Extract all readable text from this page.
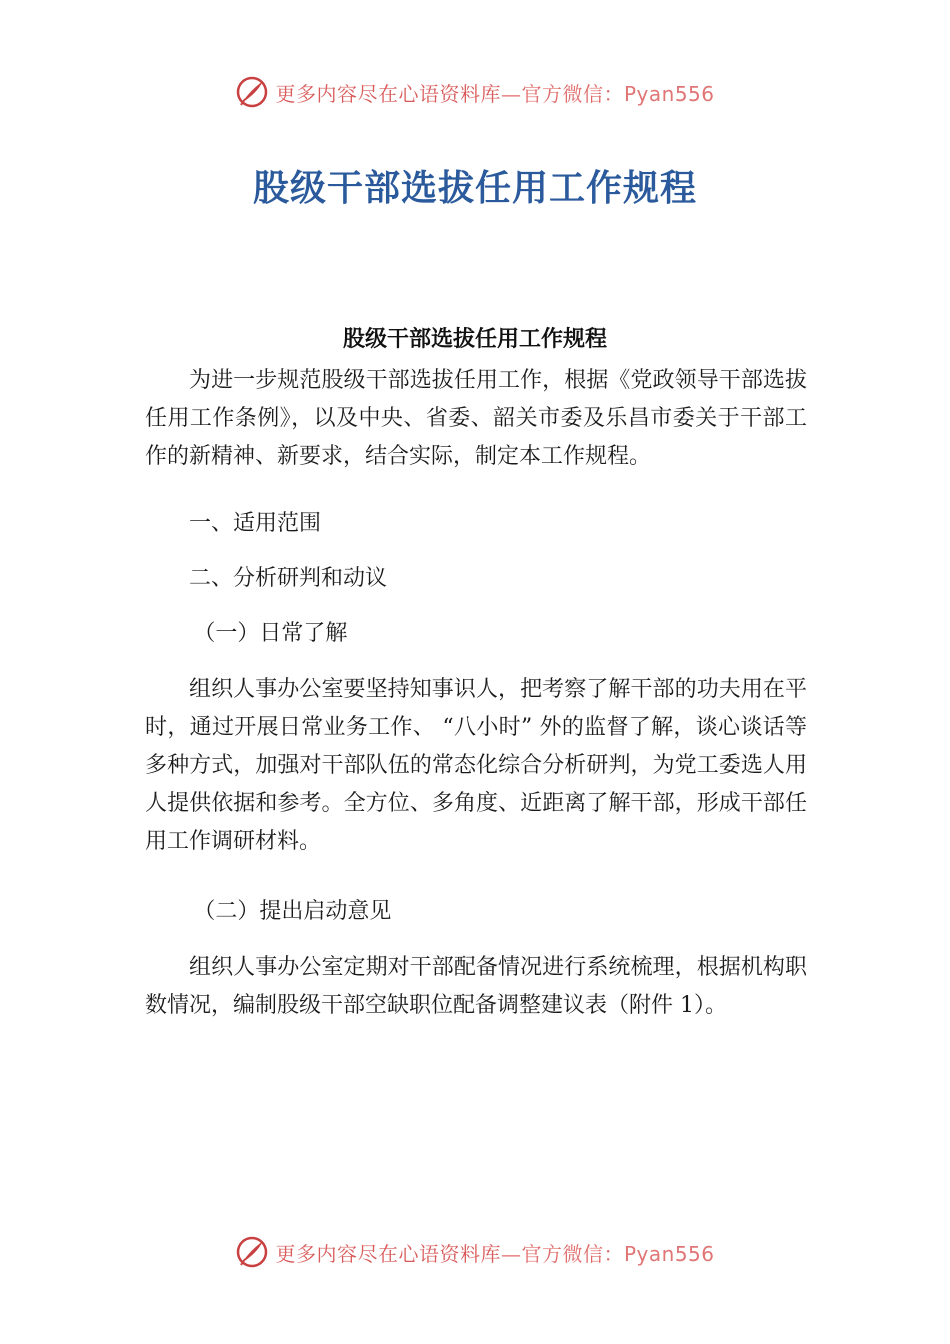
更多内容尽在心语资料库—官方微信：Pyan556
股级干部选拔任用工作规程
股级干部选拔任用工作规程

为进一步规范股级干部选拔任用工作，根据《党政领导干部选拔任用工作条例》，以及中央、省委、韶关市委及乐昌市委关于干部工作的新精神、新要求，结合实际，制定本工作规程。

一、适用范围

二、分析研判和动议

（一）日常了解

组织人事办公室要坚持知事识人，把考察了解干部的功夫用在平时，通过开展日常业务工作、 “八小时” 外的监督了解，谈心谈话等多种方式，加强对干部队伍的常态化综合分析研判，为党工委选人用人提供依据和参考。全方位、多角度、近距离了解干部，形成干部任用工作调研材料。

（二）提出启动意见

组织人事办公室定期对干部配备情况进行系统梳理，根据机构职数情况，编制股级干部空缺职位配备调整建议表（附件 1）。

更多内容尽在心语资料库—官方微信：Pyan556
